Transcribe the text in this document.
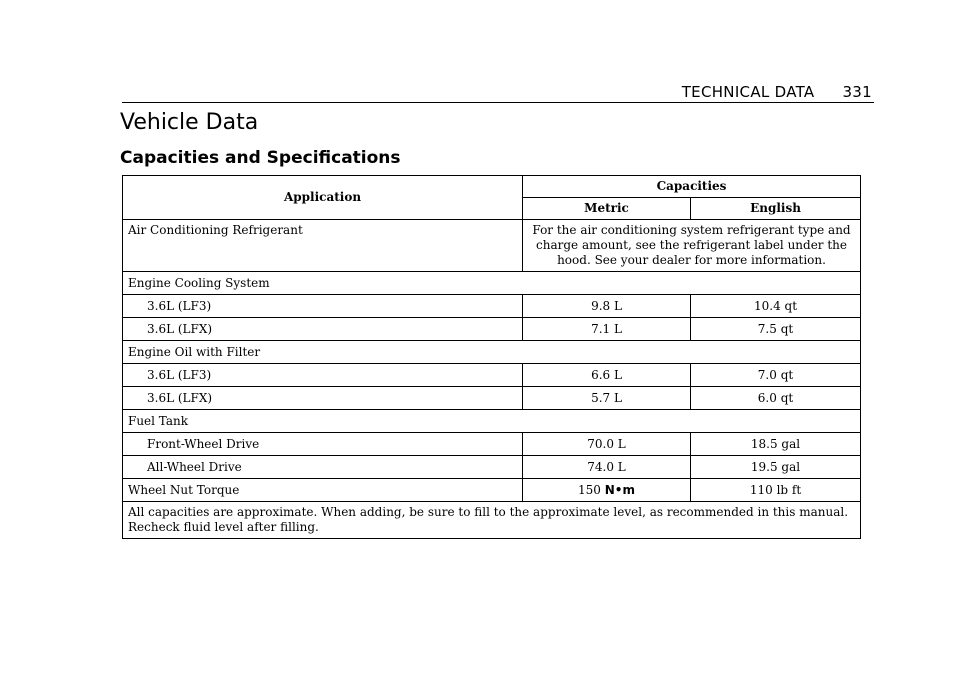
TECHNICAL DATA 331
Vehicle Data
Capacities and Specifications
Application	Capacities	
	Metric	English
Air Conditioning Refrigerant	For the air conditioning system refrigerant type and charge amount, see the refrigerant label under the hood. See your dealer for more information.	
Engine Cooling System		
3.6L (LF3)	9.8 L	10.4 qt
3.6L (LFX)	7.1 L	7.5 qt
Engine Oil with Filter		
3.6L (LF3)	6.6 L	7.0 qt
3.6L (LFX)	5.7 L	6.0 qt
Fuel Tank		
Front-Wheel Drive	70.0 L	18.5 gal
All-Wheel Drive	74.0 L	19.5 gal
Wheel Nut Torque	150 N•m	110 lb ft

All capacities are approximate. When adding, be sure to fill to the approximate level, as recommended in this manual.
Recheck fluid level after filling.		
